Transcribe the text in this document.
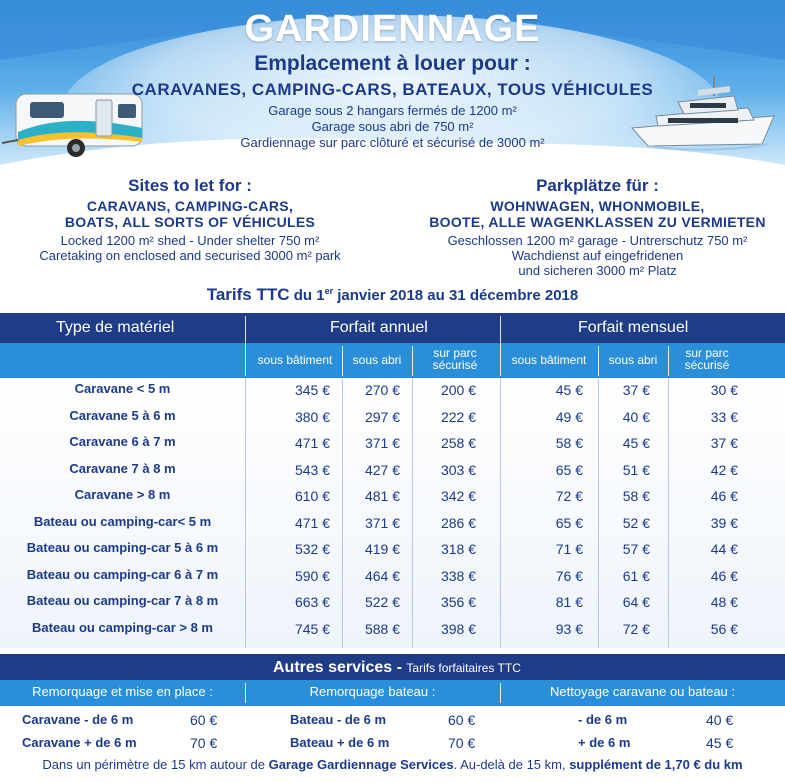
GARDIENNAGE
Emplacement à louer pour :
CARAVANES, CAMPING-CARS, BATEAUX, TOUS VÉHICULES
Garage sous 2 hangars fermés de 1200 m²
Garage sous abri de 750 m²
Gardiennage sur parc clôturé et sécurisé de 3000 m²
Sites to let for :
CARAVANS, CAMPING-CARS,
BOATS, ALL SORTS OF VÉHICULES
Locked 1200 m² shed - Under shelter 750 m²
Caretaking on enclosed and securised 3000 m² park
Parkplätze für :
WOHNWAGEN, WHONMOBILE,
BOOTE, ALLE WAGENKLASSEN ZU VERMIETEN
Geschlossen 1200 m² garage - Untrerschutz 750 m²
Wachdienst auf eingefridenen
und sicheren 3000 m² Platz
Tarifs TTC du 1er janvier 2018 au 31 décembre 2018
Type de matériel	Forfait annuel	Forfait mensuel
sous bâtiment	sous abri	sur parc
sécurisé	sous bâtiment	sous abri	sur parc
sécurisé
Caravane < 5 m	345 €	270 €	200 €	45 €	37 €	30 €
Caravane 5 à 6 m	380 €	297 €	222 €	49 €	40 €	33 €
Caravane 6 à 7 m	471 €	371 €	258 €	58 €	45 €	37 €
Caravane 7 à 8 m	543 €	427 €	303 €	65 €	51 €	42 €
Caravane > 8 m	610 €	481 €	342 €	72 €	58 €	46 €
Bateau ou camping-car< 5 m	471 €	371 €	286 €	65 €	52 €	39 €
Bateau ou camping-car 5 à 6 m	532 €	419 €	318 €	71 €	57 €	44 €
Bateau ou camping-car 6 à 7 m	590 €	464 €	338 €	76 €	61 €	46 €
Bateau ou camping-car 7 à 8 m	663 €	522 €	356 €	81 €	64 €	48 €
Bateau ou camping-car > 8 m	745 €	588 €	398 €	93 €	72 €	56 €
Autres services - Tarifs forfaitaires TTC
Remorquage et mise en place :
Caravane - de 6 m	60 €
Caravane + de 6 m	70 €
Remorquage bateau :
Bateau - de 6 m	60 €
Bateau + de 6 m	70 €
Nettoyage caravane ou bateau :
- de 6 m	40 €
+ de 6 m	45 €
Dans un périmètre de 15 km autour de Garage Gardiennage Services. Au-delà de 15 km, supplément de 1,70 € du km
